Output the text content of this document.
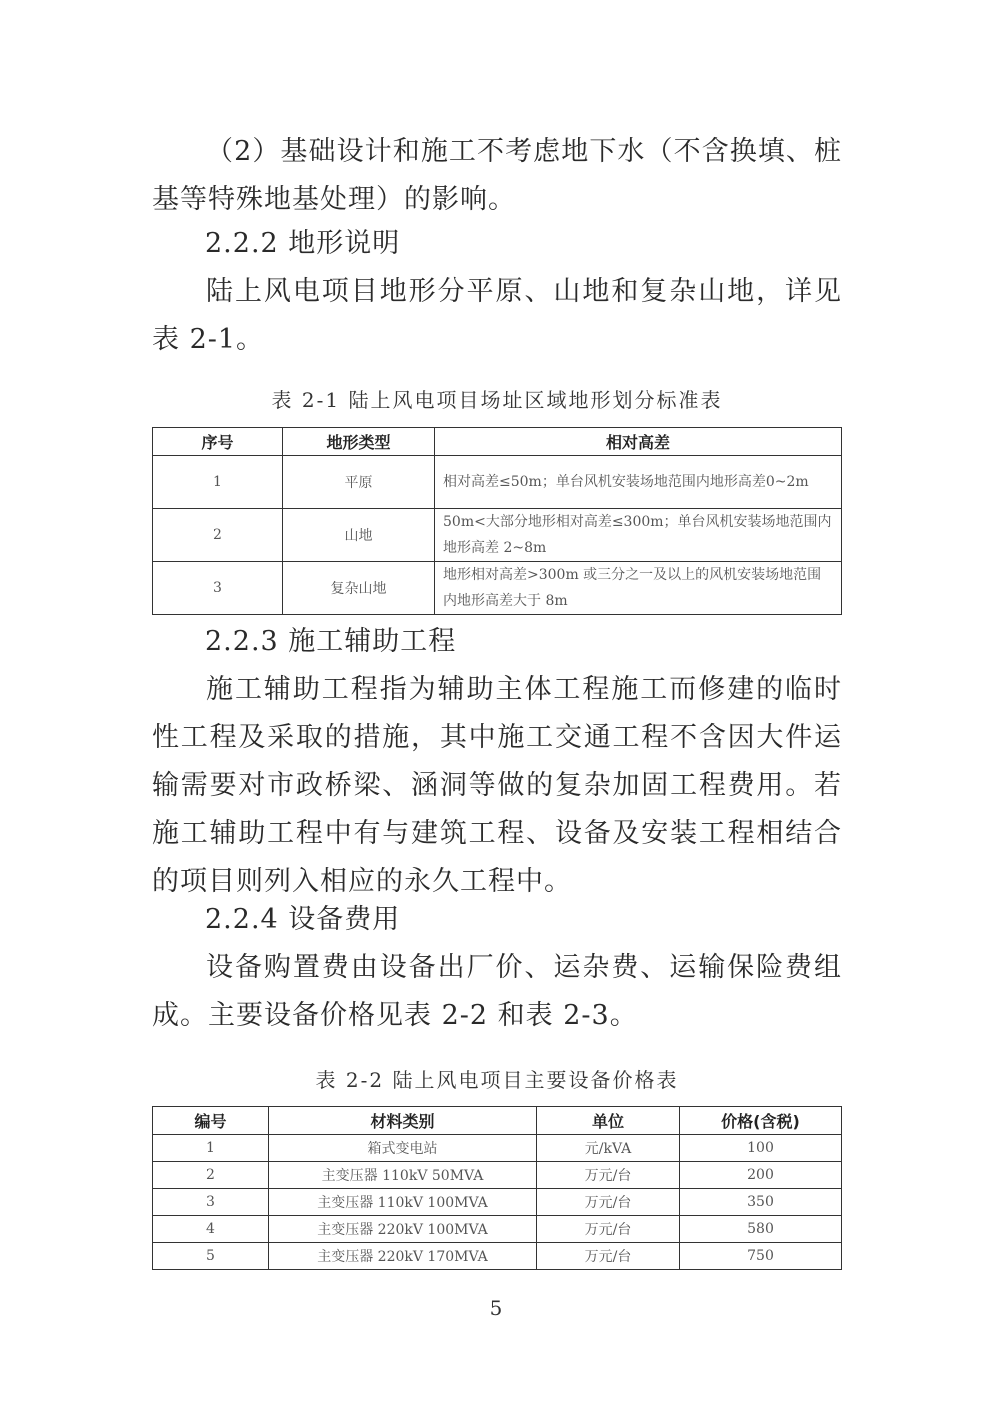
（2）基础设计和施工不考虑地下水（不含换填、桩基等特殊地基处理）的影响。
2.2.2 地形说明
陆上风电项目地形分平原、山地和复杂山地，详见表 2-1。
表 2-1 陆上风电项目场址区域地形划分标准表
序号	地形类型	相对高差
1	平原	相对高差≤50m；单台风机安装场地范围内地形高差0~2m
2	山地	50m<大部分地形相对高差≤300m；单台风机安装场地范围内地形高差 2~8m
3	复杂山地	地形相对高差>300m 或三分之一及以上的风机安装场地范围内地形高差大于 8m
2.2.3 施工辅助工程
施工辅助工程指为辅助主体工程施工而修建的临时性工程及采取的措施，其中施工交通工程不含因大件运输需要对市政桥梁、涵洞等做的复杂加固工程费用。若施工辅助工程中有与建筑工程、设备及安装工程相结合的项目则列入相应的永久工程中。
2.2.4 设备费用
设备购置费由设备出厂价、运杂费、运输保险费组成。主要设备价格见表 2-2 和表 2-3。
表 2-2 陆上风电项目主要设备价格表
编号	材料类别	单位	价格(含税)
1	箱式变电站	元/kVA	100
2	主变压器 110kV 50MVA	万元/台	200
3	主变压器 110kV 100MVA	万元/台	350
4	主变压器 220kV 100MVA	万元/台	580
5	主变压器 220kV 170MVA	万元/台	750
5
